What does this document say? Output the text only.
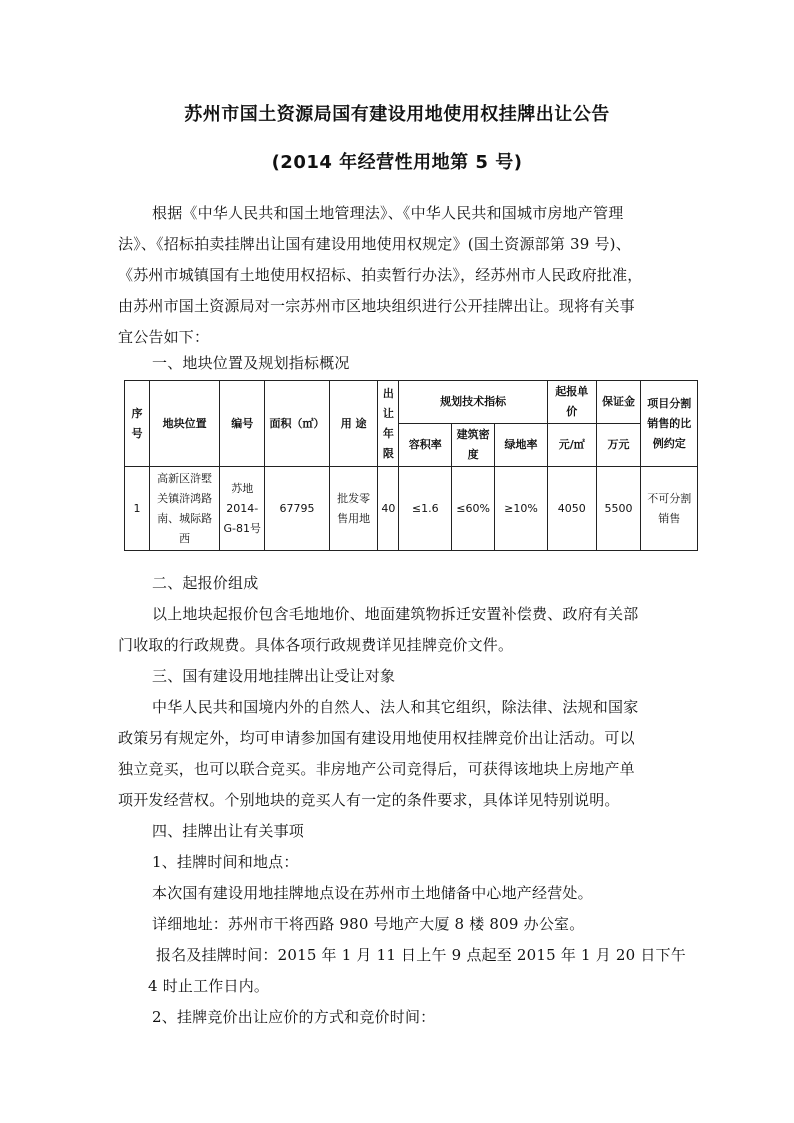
苏州市国土资源局国有建设用地使用权挂牌出让公告
(2014 年经营性用地第 5 号)
根据《中华人民共和国土地管理法》、《中华人民共和国城市房地产管理
法》、《招标拍卖挂牌出让国有建设用地使用权规定》(国土资源部第 39 号)、
《苏州市城镇国有土地使用权招标、拍卖暂行办法》，经苏州市人民政府批准，
由苏州市国土资源局对一宗苏州市区地块组织进行公开挂牌出让。现将有关事
宜公告如下：
一、地块位置及规划指标概况
序号	地块位置	编号	面积（㎡）	用 途	出让年限	规划技术指标			起报单价	保证金	项目分割销售的比例约定
						容积率	建筑密度	绿地率	元/㎡	万元	
1	高新区浒墅关镇浒鸿路南、城际路西	苏地2014-G-81号	67795	批发零售用地	40	≤1.6	≤60%	≥10%	4050	5500	不可分割销售
二、起报价组成
以上地块起报价包含毛地地价、地面建筑物拆迁安置补偿费、政府有关部
门收取的行政规费。具体各项行政规费详见挂牌竞价文件。
三、国有建设用地挂牌出让受让对象
中华人民共和国境内外的自然人、法人和其它组织，除法律、法规和国家
政策另有规定外，均可申请参加国有建设用地使用权挂牌竞价出让活动。可以
独立竞买，也可以联合竞买。非房地产公司竞得后，可获得该地块上房地产单
项开发经营权。个别地块的竞买人有一定的条件要求，具体详见特别说明。
四、挂牌出让有关事项
1、挂牌时间和地点：
本次国有建设用地挂牌地点设在苏州市土地储备中心地产经营处。
详细地址：苏州市干将西路 980 号地产大厦 8 楼 809 办公室。
报名及挂牌时间：2015 年 1 月 11 日上午 9 点起至 2015 年 1 月 20 日下午
4 时止工作日内。
2、挂牌竞价出让应价的方式和竞价时间：
